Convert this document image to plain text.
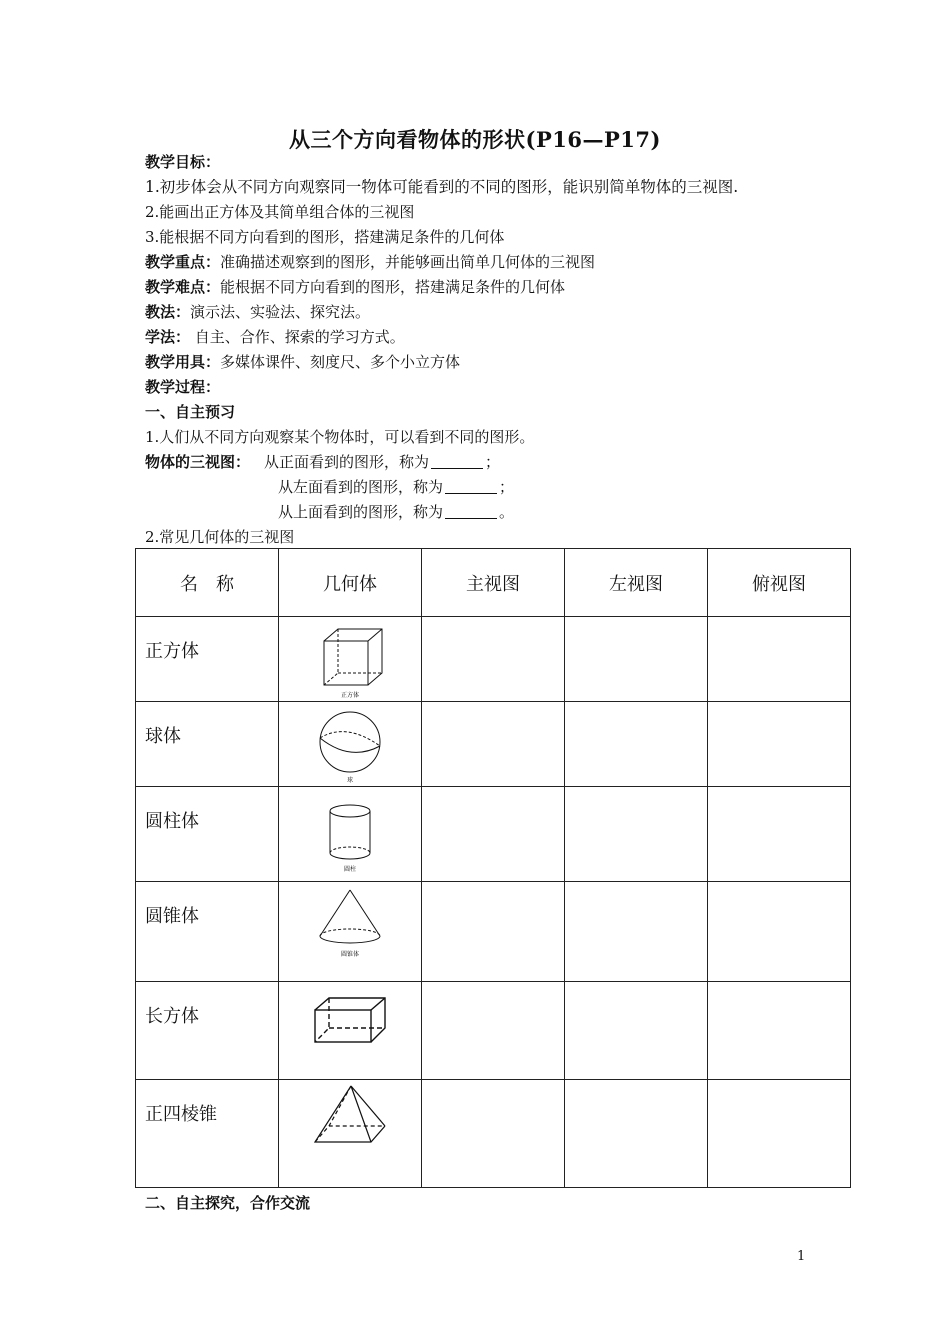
从三个方向看物体的形状(P16—P17)
教学目标：
1.初步体会从不同方向观察同一物体可能看到的不同的图形，能识别简单物体的三视图.
2.能画出正方体及其简单组合体的三视图
3.能根据不同方向看到的图形，搭建满足条件的几何体
教学重点：准确描述观察到的图形，并能够画出简单几何体的三视图
教学难点：能根据不同方向看到的图形，搭建满足条件的几何体
教法：演示法、实验法、探究法。
学法： 自主、合作、探索的学习方式。
教学用具：多媒体课件、刻度尺、多个小立方体
教学过程：
一、自主预习
1.人们从不同方向观察某个物体时，可以看到不同的图形。
物体的三视图： 从正面看到的图形，称为	；
从左面看到的图形，称为	；
从上面看到的图形，称为	。
2.常见几何体的三视图
名　称	几何体	主视图	左视图	俯视图
正方体	正方体			

球体	球			

圆柱体	圆柱			

圆锥体	圆锥体			

长方体	

正四棱锥	

二、自主探究，合作交流
1
